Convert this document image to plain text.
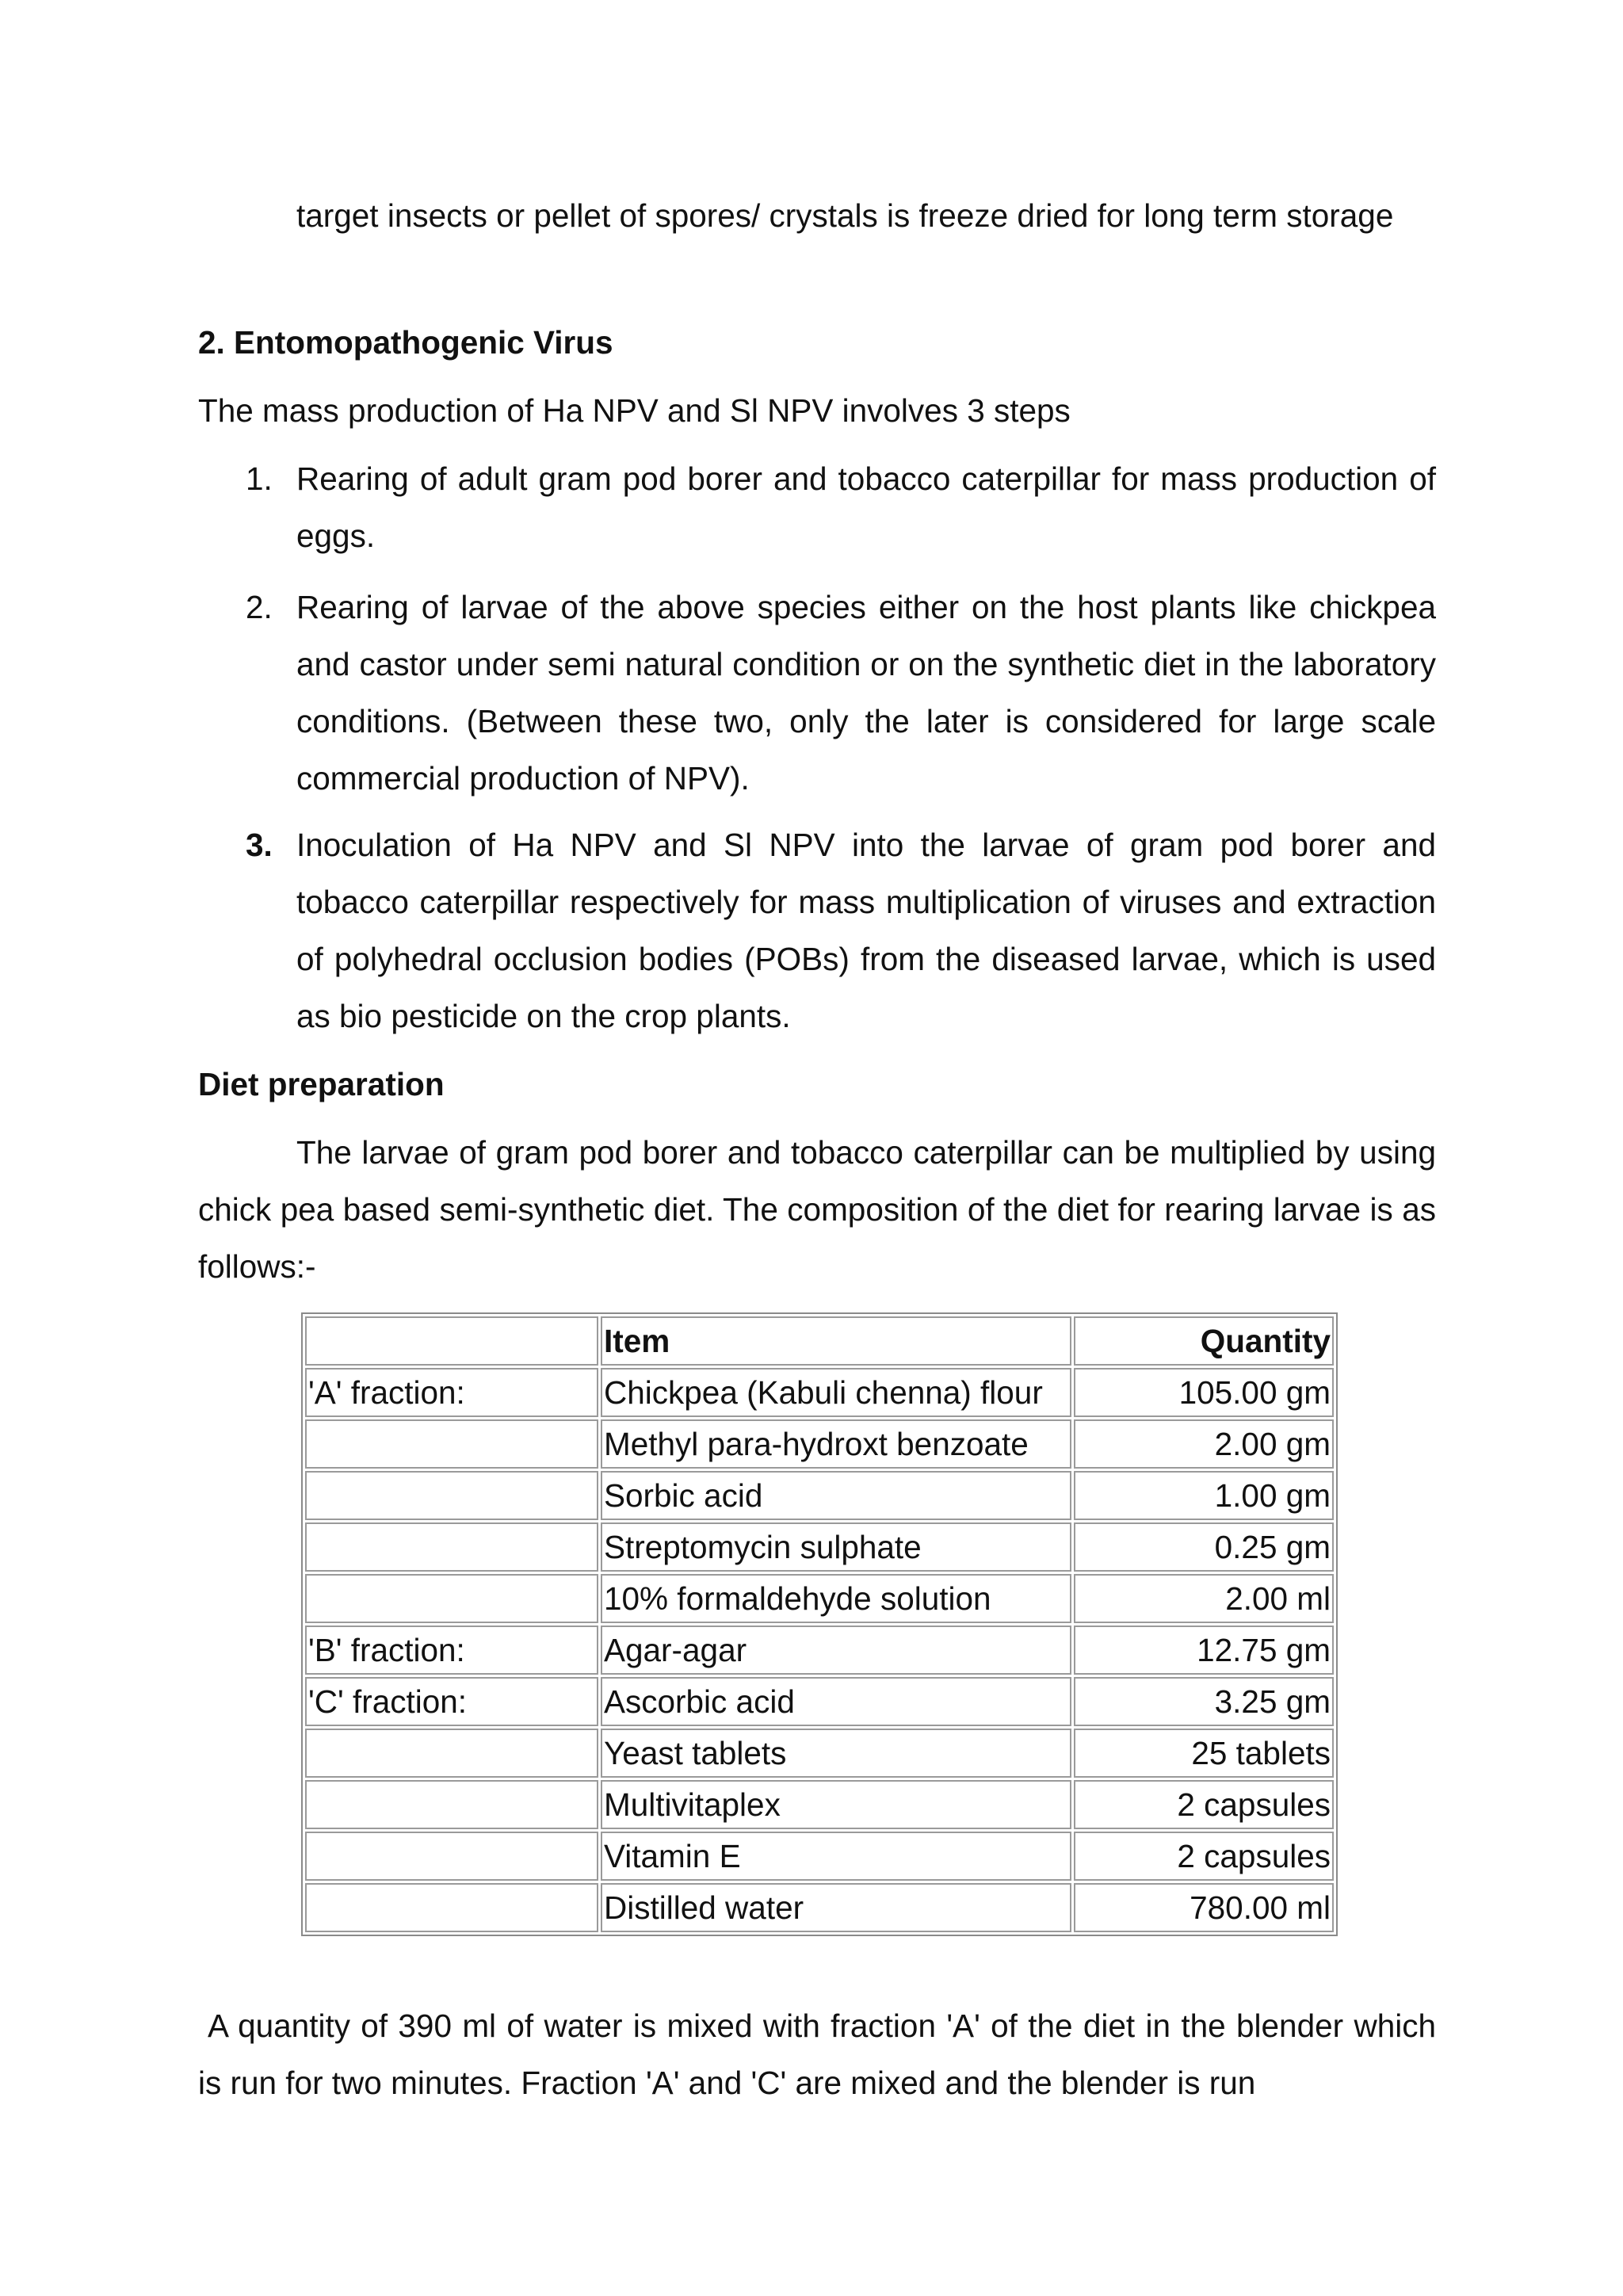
target insects or pellet of spores/ crystals is freeze dried for long term storage
2. Entomopathogenic Virus
The mass production of Ha NPV and Sl NPV involves 3 steps
1. Rearing of adult gram pod borer and tobacco caterpillar for mass production of eggs.
2. Rearing of larvae of the above species either on the host plants like chickpea and castor under semi natural condition or on the synthetic diet in the laboratory conditions. (Between these two, only the later is considered for large scale commercial production of NPV).
3. Inoculation of Ha NPV and Sl NPV into the larvae of gram pod borer and tobacco caterpillar respectively for mass multiplication of viruses and extraction of polyhedral occlusion bodies (POBs) from the diseased larvae, which is used as bio pesticide on the crop plants.
Diet preparation
The larvae of gram pod borer and tobacco caterpillar can be multiplied by using chick pea based semi-synthetic diet. The composition of the diet for rearing larvae is as follows:-
	Item	Quantity
'A' fraction:	Chickpea (Kabuli chenna) flour	105.00 gm
	Methyl para-hydroxt benzoate	2.00 gm
	Sorbic acid	1.00 gm
	Streptomycin sulphate	0.25 gm
	10% formaldehyde solution	2.00 ml
'B' fraction:	Agar-agar	12.75 gm
'C' fraction:	Ascorbic acid	3.25 gm
	Yeast tablets	25 tablets
	Multivitaplex	2 capsules
	Vitamin E	2 capsules
	Distilled water	780.00 ml
A quantity of 390 ml of water is mixed with fraction 'A' of the diet in the blender which is run for two minutes. Fraction 'A' and 'C' are mixed and the blender is run
